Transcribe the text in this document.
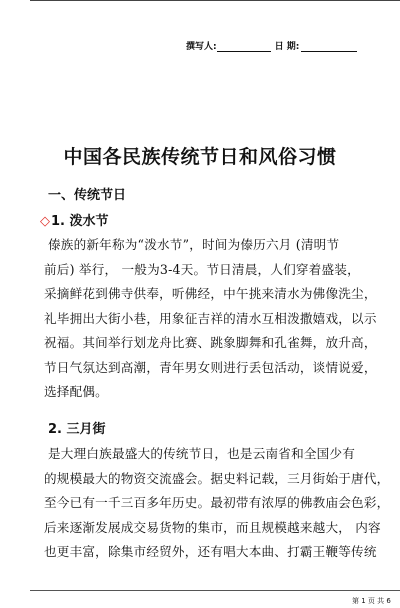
撰写人:	日 期:
中国各民族传统节日和风俗习惯
一、传统节日
◇1. 泼水节
傣族的新年称为“泼水节”，时间为傣历六月 (清明节
前后) 举行， 一般为3-4天。节日清晨，人们穿着盛装，
采摘鲜花到佛寺供奉，听佛经，中午挑来清水为佛像洗尘，
礼毕拥出大街小巷，用象征吉祥的清水互相泼撒嬉戏，以示
祝福。其间举行划龙舟比赛、跳象脚舞和孔雀舞，放升高，
节日气氛达到高潮，青年男女则进行丢包活动，谈情说爱，
选择配偶。
2. 三月街
是大理白族最盛大的传统节日，也是云南省和全国少有
的规模最大的物资交流盛会。据史料记载，三月街始于唐代，
至今已有一千三百多年历史。最初带有浓厚的佛教庙会色彩，
后来逐渐发展成交易货物的集市，而且规模越来越大， 内容
也更丰富，除集市经贸外，还有唱大本曲、打霸王鞭等传统
第 1 页 共 6
